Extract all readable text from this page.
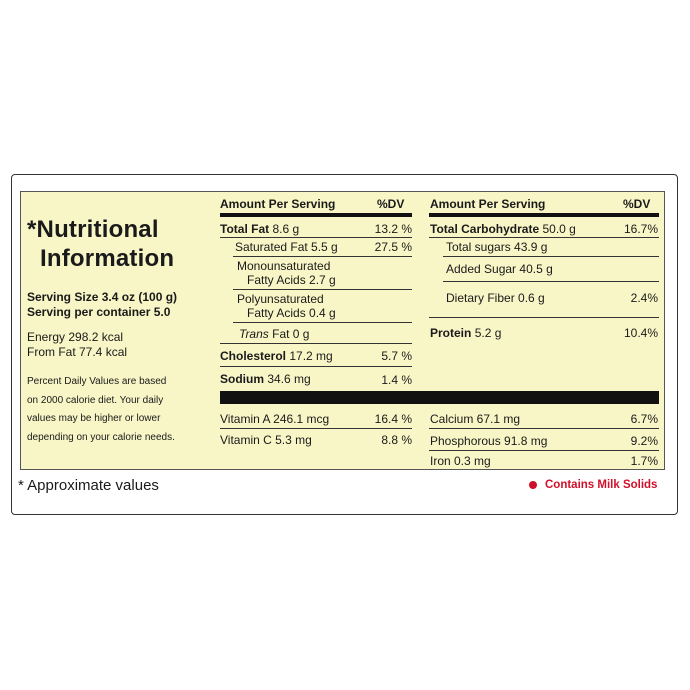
*Nutritional
Information
Serving Size 3.4 oz (100 g)
Serving per container 5.0
Energy 298.2 kcal
From Fat 77.4 kcal
Percent Daily Values are based
on 2000 calorie diet. Your daily
values may be higher or lower
depending on your calorie needs.
Amount Per Serving	%DV
Total Fat 8.6 g	13.2 %
Saturated Fat 5.5 g	27.5 %
Monounsaturated
Fatty Acids 2.7 g
Polyunsaturated
Fatty Acids 0.4 g
Trans Fat 0 g
Cholesterol 17.2 mg	5.7 %
Sodium 34.6 mg	1.4 %
Vitamin A 246.1 mcg	16.4 %
Vitamin C 5.3 mg	8.8 %
Amount Per Serving	%DV
Total Carbohydrate 50.0 g	16.7%
Total sugars 43.9 g
Added Sugar 40.5 g
Dietary Fiber 0.6 g	2.4%
Protein 5.2 g	10.4%
Calcium 67.1 mg	6.7%
Phosphorous 91.8 mg	9.2%
Iron 0.3 mg	1.7%
* Approximate values	Contains Milk Solids
